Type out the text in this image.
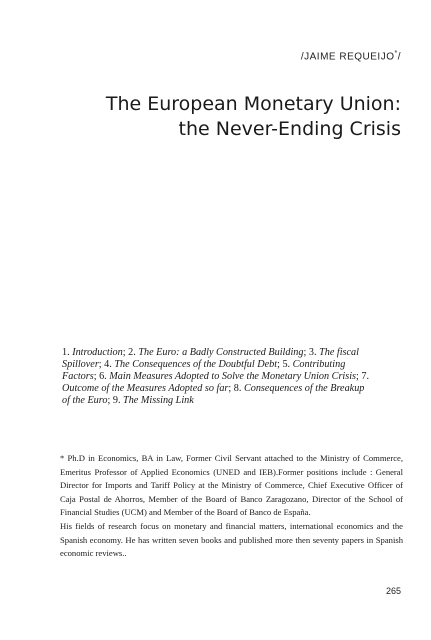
/JAIME REQUEIJO*/
The European Monetary Union:
the Never-Ending Crisis
1. Introduction; 2. The Euro: a Badly Constructed Building; 3. The fiscal Spillover; 4. The Consequences of the Doubtful Debt; 5. Contributing Factors; 6. Main Measures Adopted to Solve the Monetary Union Crisis; 7. Outcome of the Measures Adopted so far; 8. Consequences of the Breakup of the Euro; 9. The Missing Link

* Ph.D in Economics, BA in Law, Former Civil Servant attached to the Ministry of Commerce, Emeritus Professor of Applied Economics (UNED and IEB).Former positions include : General Director for Imports and Tariff Policy at the Ministry of Commerce, Chief Executive Officer of Caja Postal de Ahorros, Member of the Board of Banco Zaragozano, Director of the School of Financial Studies (UCM) and Member of the Board of Banco de España.

His fields of research focus on monetary and financial matters, international economics and the Spanish economy. He has written seven books and published more then seventy papers in Spanish economic reviews..

265
